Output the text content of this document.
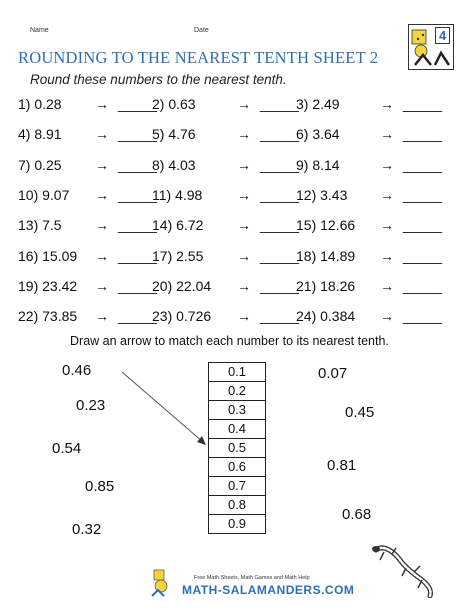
Name	Date	4
ROUNDING TO THE NEAREST TENTH SHEET 2
Round these numbers to the nearest tenth.
1) 0.28 → _____
2) 0.63	→ _____
3) 2.49	→ _____
4) 8.91 → _____
5) 4.76	→ _____
6) 3.64	→ _____
7) 0.25 → _____
8) 4.03	→ _____
9) 8.14	→ _____
10) 9.07 → _____
11) 4.98 → _____
12) 3.43 → _____
13) 7.5 → _____
14) 6.72 → _____
15) 12.66 → _____
16) 15.09 → _____
17) 2.55 → _____
18) 14.89 → _____
19) 23.42 → _____
20) 22.04 → _____
21) 18.26 → _____
22) 73.85 → _____
23) 0.726 → _____
24) 0.384 → _____
Draw an arrow to match each number to its nearest tenth.
0.46
0.23
0.54
0.85
0.32
0.1
0.2
0.3
0.4
0.5
0.6
0.7
0.8
0.9
0.07
0.45
0.81
0.68
Free Math Sheets, Math Games and Math Help
MATH-SALAMANDERS.COM
